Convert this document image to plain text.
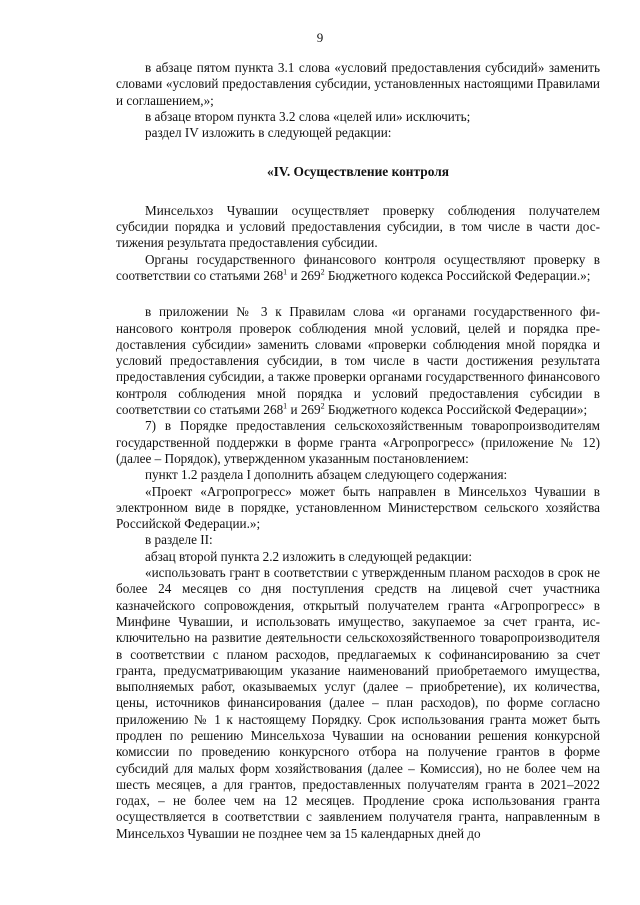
9

в абзаце пятом пункта 3.1 слова «условий предоставления субсидий» заменить словами «условий предоставления субсидии, установленных настоящими Правилами и соглашением,»;

в абзаце втором пункта 3.2 слова «целей или» исключить;

раздел IV изложить в следующей редакции:

«IV. Осуществление контроля

Минсельхоз Чувашии осуществляет проверку соблюдения получателем субсидии порядка и условий предоставления субсидии, в том числе в части достижения результата предоставления субсидии.

Органы государственного финансового контроля осуществляют проверку в соответствии со статьями $268^1$ и $269^2$ Бюджетного кодекса Российской Федерации.»;

в приложении № 3 к Правилам слова «и органами государственного финансового контроля проверок соблюдения мной условий, целей и порядка предоставления субсидии» заменить словами «проверки соблюдения мной порядка и условий предоставления субсидии, в том числе в части достижения результата предоставления субсидии, а также проверки органами государственного финансового контроля соблюдения мной порядка и условий предоставления субсидии в соответствии со статьями $268^1$ и $269^2$ Бюджетного кодекса Российской Федерации»;

7) в Порядке предоставления сельскохозяйственным товаропроизводителям государственной поддержки в форме гранта «Агропрогресс» (приложение № 12) (далее – Порядок), утвержденном указанным постановлением:

пункт 1.2 раздела I дополнить абзацем следующего содержания:

«Проект «Агропрогресс» может быть направлен в Минсельхоз Чувашии в электронном виде в порядке, установленном Министерством сельского хозяйства Российской Федерации.»;

в разделе II:

абзац второй пункта 2.2 изложить в следующей редакции:

«использовать грант в соответствии с утвержденным планом расходов в срок не более 24 месяцев со дня поступления средств на лицевой счет участника казначейского сопровождения, открытый получателем гранта «Агропрогресс» в Минфине Чувашии, и использовать имущество, закупаемое за счет гранта, исключительно на развитие деятельности сельскохозяйственного товаропроизводителя в соответствии с планом расходов, предлагаемых к софинансированию за счет гранта, предусматривающим указание наименований приобретаемого имущества, выполняемых работ, оказываемых услуг (далее – приобретение), их количества, цены, источников финансирования (далее – план расходов), по форме согласно приложению № 1 к настоящему Порядку. Срок использования гранта может быть продлен по решению Минсельхоза Чувашии на основании решения конкурсной комиссии по проведению конкурсного отбора на получение грантов в форме субсидий для малых форм хозяйствования (далее – Комиссия), но не более чем на шесть месяцев, а для грантов, предоставленных получателям гранта в 2021–2022 годах, – не более чем на 12 месяцев. Продление срока использования гранта осуществляется в соответствии с заявлением получателя гранта, направленным в Минсельхоз Чувашии не позднее чем за 15 календарных дней до
